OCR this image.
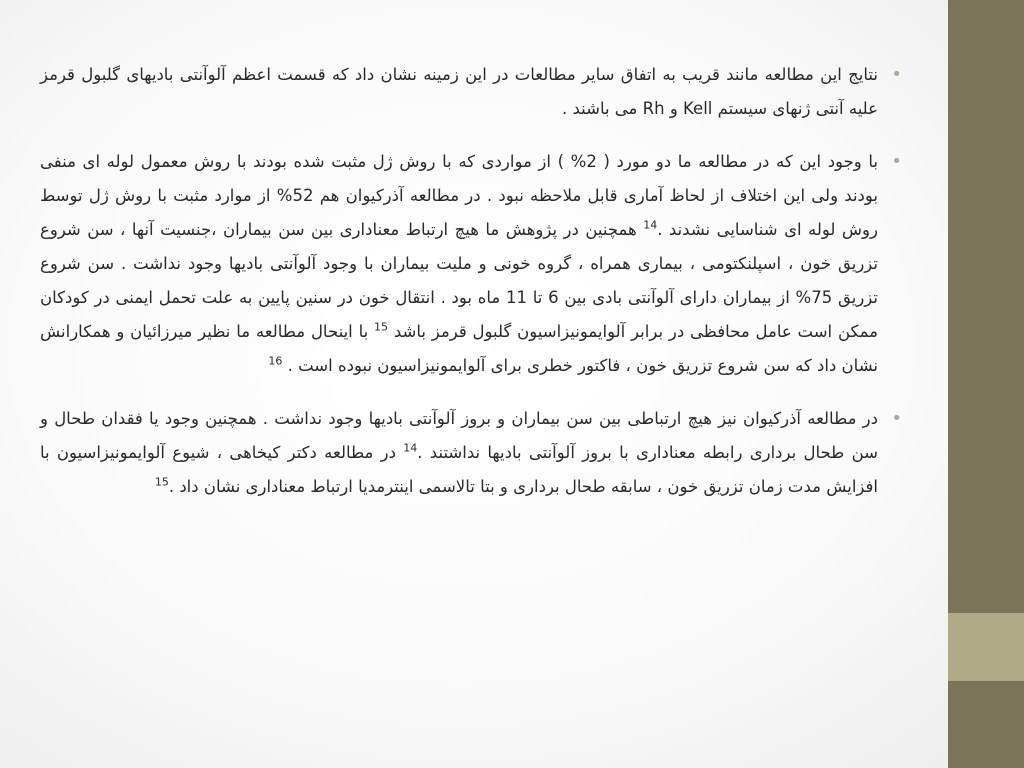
• نتایج این مطالعه مانند قریب به اتفاق سایر مطالعات در این زمینه نشان داد که قسمت اعظم آلوآنتی بادیهای گلبول قرمز علیه آنتی ژنهای سیستم Kell و Rh می باشند .

• با وجود این که در مطالعه ما دو مورد ( 2% ) از مواردی که با روش ژل مثبت شده بودند با روش معمول لوله ای منفی بودند ولی این اختلاف از لحاظ آماری قابل ملاحظه نبود . در مطالعه آذرکیوان هم 52% از موارد مثبت با روش ژل توسط روش لوله ای شناسایی نشدند .$^{14}$ همچنین در پژوهش ما هیچ ارتباط معناداری بین سن بیماران ،جنسیت آنها ، سن شروع تزریق خون ، اسپلنکتومی ، بیماری همراه ، گروه خونی و ملیت بیماران با وجود آلوآنتی بادیها وجود نداشت . سن شروع تزریق 75% از بیماران دارای آلوآنتی بادی بین 6 تا 11 ماه بود . انتقال خون در سنین پایین به علت تحمل ایمنی در کودکان ممکن است عامل محافظی در برابر آلوایمونیزاسیون گلبول قرمز باشد $^{15}$ با اینحال مطالعه ما نظیر میرزائیان و همکارانش نشان داد که سن شروع تزریق خون ، فاکتور خطری برای آلوایمونیزاسیون نبوده است . $^{16}$

• در مطالعه آذرکیوان نیز هیچ ارتباطی بین سن بیماران و بروز آلوآنتی بادیها وجود نداشت . همچنین وجود یا فقدان طحال و سن طحال برداری رابطه معناداری با بروز آلوآنتی بادیها نداشتند .$^{14}$ در مطالعه دکتر کیخاهی ، شیوع آلوایمونیزاسیون با افزایش مدت زمان تزریق خون ، سابقه طحال برداری و بتا تالاسمی اینترمدیا ارتباط معناداری نشان داد .$^{15}$
